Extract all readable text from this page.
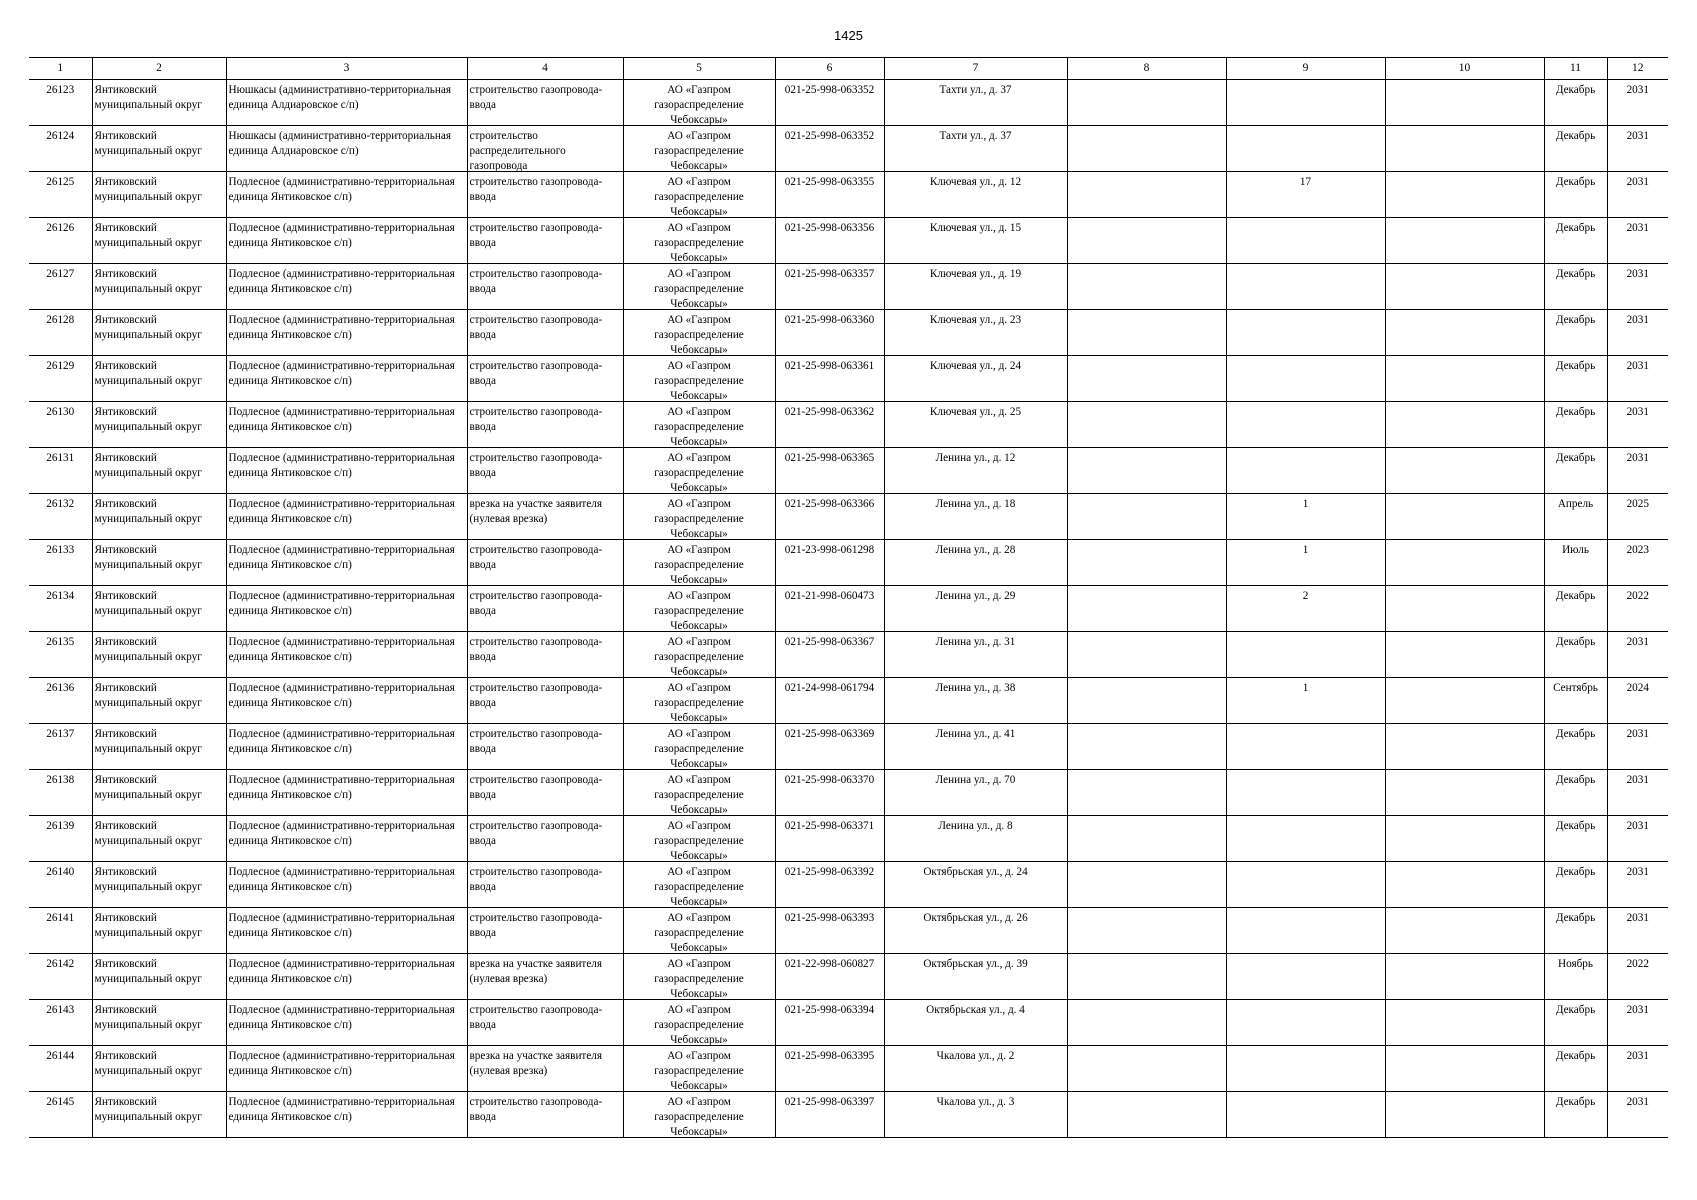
1425
1	2	3	4	5	6	7	8	9	10	11	12

26123	Янтиковский муниципальный округ	Нюшкасы (административно-территориальная единица Алдиаровское с/п)	строительство газопровода-ввода	АО «Газпром газораспределение Чебоксары»	021-25-998-063352	Тахти ул., д. 37				Декабрь	2031

26124	Янтиковский муниципальный округ	Нюшкасы (административно-территориальная единица Алдиаровское с/п)	строительство распределительного газопровода	АО «Газпром газораспределение Чебоксары»	021-25-998-063352	Тахти ул., д. 37				Декабрь	2031

26125	Янтиковский муниципальный округ	Подлесное (административно-территориальная единица Янтиковское с/п)	строительство газопровода-ввода	АО «Газпром газораспределение Чебоксары»	021-25-998-063355	Ключевая ул., д. 12		17		Декабрь	2031

26126	Янтиковский муниципальный округ	Подлесное (административно-территориальная единица Янтиковское с/п)	строительство газопровода-ввода	АО «Газпром газораспределение Чебоксары»	021-25-998-063356	Ключевая ул., д. 15				Декабрь	2031

26127	Янтиковский муниципальный округ	Подлесное (административно-территориальная единица Янтиковское с/п)	строительство газопровода-ввода	АО «Газпром газораспределение Чебоксары»	021-25-998-063357	Ключевая ул., д. 19				Декабрь	2031

26128	Янтиковский муниципальный округ	Подлесное (административно-территориальная единица Янтиковское с/п)	строительство газопровода-ввода	АО «Газпром газораспределение Чебоксары»	021-25-998-063360	Ключевая ул., д. 23				Декабрь	2031

26129	Янтиковский муниципальный округ	Подлесное (административно-территориальная единица Янтиковское с/п)	строительство газопровода-ввода	АО «Газпром газораспределение Чебоксары»	021-25-998-063361	Ключевая ул., д. 24				Декабрь	2031

26130	Янтиковский муниципальный округ	Подлесное (административно-территориальная единица Янтиковское с/п)	строительство газопровода-ввода	АО «Газпром газораспределение Чебоксары»	021-25-998-063362	Ключевая ул., д. 25				Декабрь	2031

26131	Янтиковский муниципальный округ	Подлесное (административно-территориальная единица Янтиковское с/п)	строительство газопровода-ввода	АО «Газпром газораспределение Чебоксары»	021-25-998-063365	Ленина ул., д. 12				Декабрь	2031

26132	Янтиковский муниципальный округ	Подлесное (административно-территориальная единица Янтиковское с/п)	врезка на участке заявителя (нулевая врезка)	АО «Газпром газораспределение Чебоксары»	021-25-998-063366	Ленина ул., д. 18		1		Апрель	2025

26133	Янтиковский муниципальный округ	Подлесное (административно-территориальная единица Янтиковское с/п)	строительство газопровода-ввода	АО «Газпром газораспределение Чебоксары»	021-23-998-061298	Ленина ул., д. 28		1		Июль	2023

26134	Янтиковский муниципальный округ	Подлесное (административно-территориальная единица Янтиковское с/п)	строительство газопровода-ввода	АО «Газпром газораспределение Чебоксары»	021-21-998-060473	Ленина ул., д. 29		2		Декабрь	2022

26135	Янтиковский муниципальный округ	Подлесное (административно-территориальная единица Янтиковское с/п)	строительство газопровода-ввода	АО «Газпром газораспределение Чебоксары»	021-25-998-063367	Ленина ул., д. 31				Декабрь	2031

26136	Янтиковский муниципальный округ	Подлесное (административно-территориальная единица Янтиковское с/п)	строительство газопровода-ввода	АО «Газпром газораспределение Чебоксары»	021-24-998-061794	Ленина ул., д. 38		1		Сентябрь	2024

26137	Янтиковский муниципальный округ	Подлесное (административно-территориальная единица Янтиковское с/п)	строительство газопровода-ввода	АО «Газпром газораспределение Чебоксары»	021-25-998-063369	Ленина ул., д. 41				Декабрь	2031

26138	Янтиковский муниципальный округ	Подлесное (административно-территориальная единица Янтиковское с/п)	строительство газопровода-ввода	АО «Газпром газораспределение Чебоксары»	021-25-998-063370	Ленина ул., д. 70				Декабрь	2031

26139	Янтиковский муниципальный округ	Подлесное (административно-территориальная единица Янтиковское с/п)	строительство газопровода-ввода	АО «Газпром газораспределение Чебоксары»	021-25-998-063371	Ленина ул., д. 8				Декабрь	2031

26140	Янтиковский муниципальный округ	Подлесное (административно-территориальная единица Янтиковское с/п)	строительство газопровода-ввода	АО «Газпром газораспределение Чебоксары»	021-25-998-063392	Октябрьская ул., д. 24				Декабрь	2031

26141	Янтиковский муниципальный округ	Подлесное (административно-территориальная единица Янтиковское с/п)	строительство газопровода-ввода	АО «Газпром газораспределение Чебоксары»	021-25-998-063393	Октябрьская ул., д. 26				Декабрь	2031

26142	Янтиковский муниципальный округ	Подлесное (административно-территориальная единица Янтиковское с/п)	врезка на участке заявителя (нулевая врезка)	АО «Газпром газораспределение Чебоксары»	021-22-998-060827	Октябрьская ул., д. 39				Ноябрь	2022

26143	Янтиковский муниципальный округ	Подлесное (административно-территориальная единица Янтиковское с/п)	строительство газопровода-ввода	АО «Газпром газораспределение Чебоксары»	021-25-998-063394	Октябрьская ул., д. 4				Декабрь	2031

26144	Янтиковский муниципальный округ	Подлесное (административно-территориальная единица Янтиковское с/п)	врезка на участке заявителя (нулевая врезка)	АО «Газпром газораспределение Чебоксары»	021-25-998-063395	Чкалова ул., д. 2				Декабрь	2031

26145	Янтиковский муниципальный округ	Подлесное (административно-территориальная единица Янтиковское с/п)	строительство газопровода-ввода	АО «Газпром газораспределение Чебоксары»	021-25-998-063397	Чкалова ул., д. 3				Декабрь	2031
